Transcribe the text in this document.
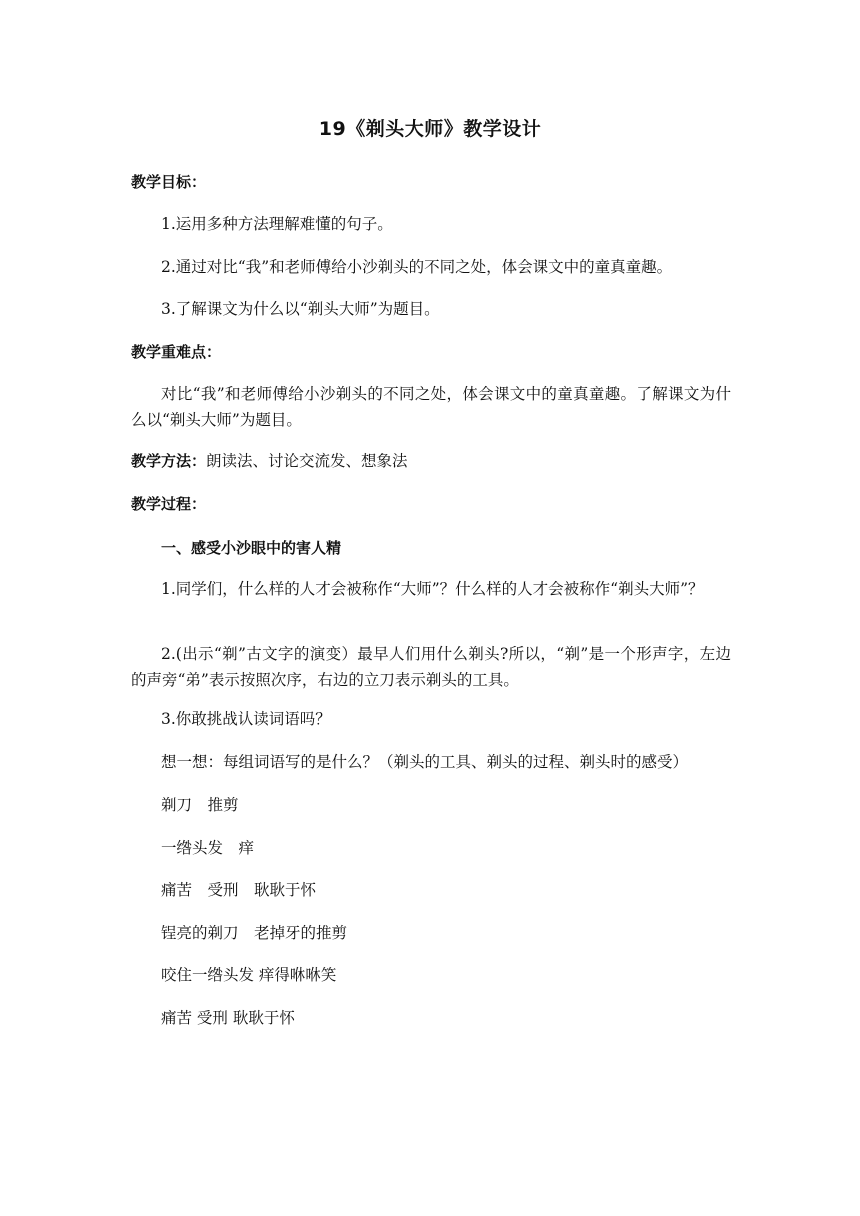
19《剃头大师》教学设计
教学目标：
1.运用多种方法理解难懂的句子。
2.通过对比“我”和老师傅给小沙剃头的不同之处，体会课文中的童真童趣。
3.了解课文为什么以“剃头大师”为题目。
教学重难点：
对比“我”和老师傅给小沙剃头的不同之处，体会课文中的童真童趣。了解课文为什么以“剃头大师”为题目。
教学方法：朗读法、讨论交流发、想象法
教学过程：
一、感受小沙眼中的害人精
1.同学们，什么样的人才会被称作“大师”？什么样的人才会被称作“剃头大师”？
2.(出示“剃”古文字的演变）最早人们用什么剃头?所以，“剃”是一个形声字，左边的声旁“弟”表示按照次序，右边的立刀表示剃头的工具。
3.你敢挑战认读词语吗？
想一想：每组词语写的是什么？（剃头的工具、剃头的过程、剃头时的感受）
剃刀　推剪
一绺头发　痒
痛苦　受刑　耿耿于怀
锃亮的剃刀　老掉牙的推剪
咬住一绺头发 痒得咻咻笑
痛苦 受刑 耿耿于怀
